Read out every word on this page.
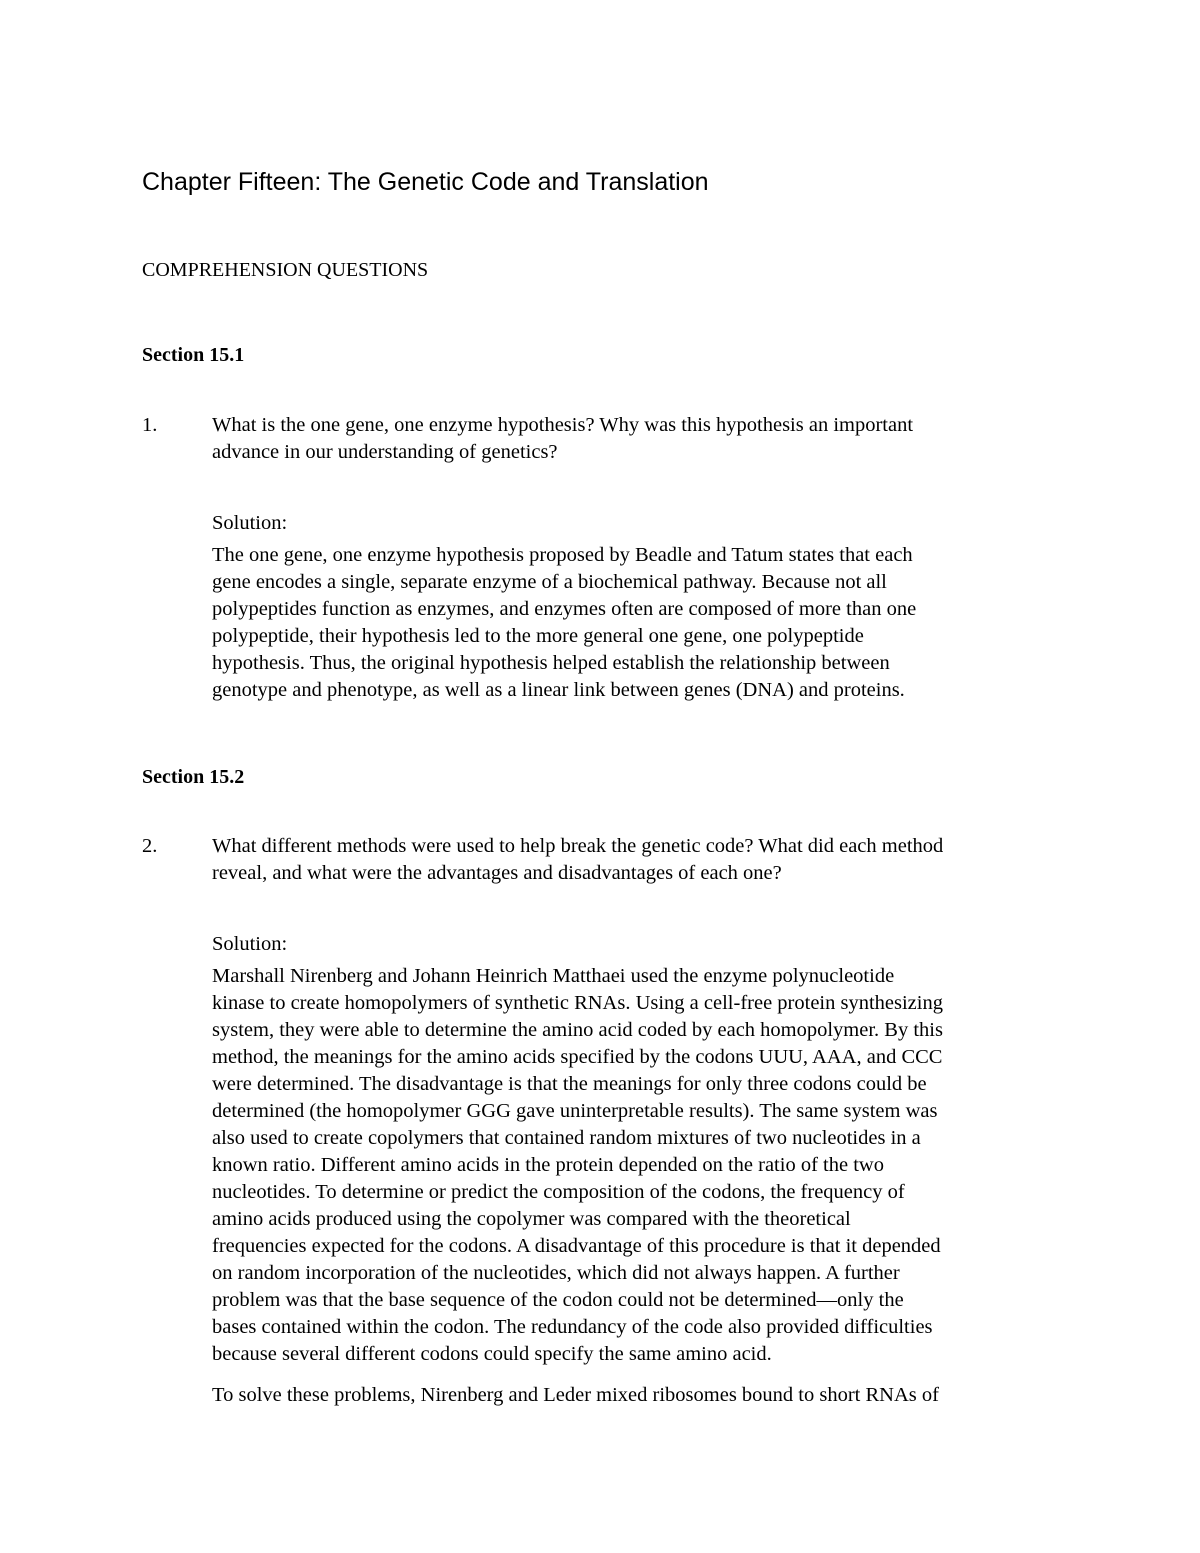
Chapter Fifteen: The Genetic Code and Translation

COMPREHENSION QUESTIONS

Section 15.1

1.	What is the one gene, one enzyme hypothesis? Why was this hypothesis an important
advance in our understanding of genetics?

Solution:

The one gene, one enzyme hypothesis proposed by Beadle and Tatum states that each
gene encodes a single, separate enzyme of a biochemical pathway. Because not all
polypeptides function as enzymes, and enzymes often are composed of more than one
polypeptide, their hypothesis led to the more general one gene, one polypeptide
hypothesis. Thus, the original hypothesis helped establish the relationship between
genotype and phenotype, as well as a linear link between genes (DNA) and proteins.

Section 15.2

2.	What different methods were used to help break the genetic code? What did each method
reveal, and what were the advantages and disadvantages of each one?

Solution:

Marshall Nirenberg and Johann Heinrich Matthaei used the enzyme polynucleotide
kinase to create homopolymers of synthetic RNAs. Using a cell-free protein synthesizing
system, they were able to determine the amino acid coded by each homopolymer. By this
method, the meanings for the amino acids specified by the codons UUU, AAA, and CCC
were determined. The disadvantage is that the meanings for only three codons could be
determined (the homopolymer GGG gave uninterpretable results). The same system was
also used to create copolymers that contained random mixtures of two nucleotides in a
known ratio. Different amino acids in the protein depended on the ratio of the two
nucleotides. To determine or predict the composition of the codons, the frequency of
amino acids produced using the copolymer was compared with the theoretical
frequencies expected for the codons. A disadvantage of this procedure is that it depended
on random incorporation of the nucleotides, which did not always happen. A further
problem was that the base sequence of the codon could not be determined—only the
bases contained within the codon. The redundancy of the code also provided difficulties
because several different codons could specify the same amino acid.

To solve these problems, Nirenberg and Leder mixed ribosomes bound to short RNAs of
